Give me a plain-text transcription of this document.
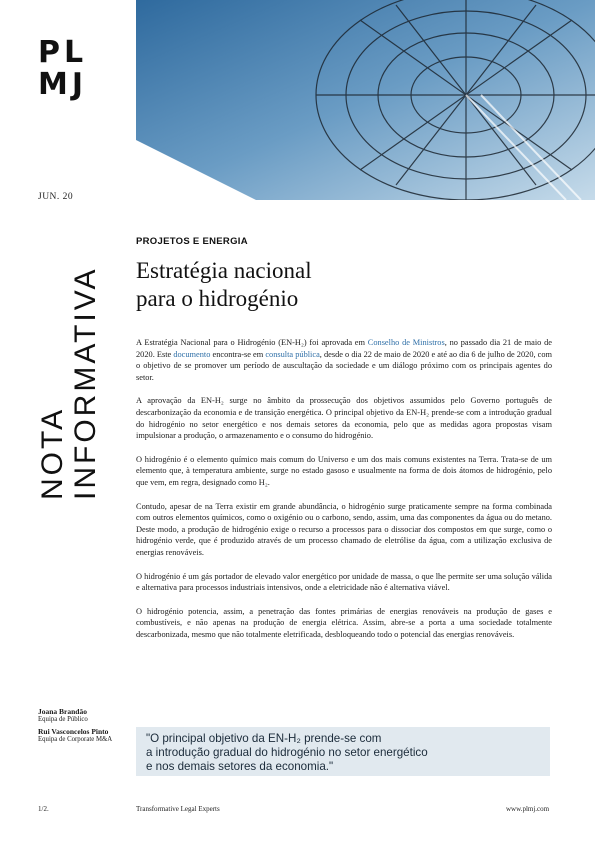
PL
MJ
JUN. 20
NOTA INFORMATIVA
PROJETOS E ENERGIA
Estratégia nacional
para o hidrogénio

A Estratégia Nacional para o Hidrogénio (EN-H₂) foi aprovada em Conselho de Ministros, no passado dia 21 de maio de 2020. Este documento encontra-se em consulta pública, desde o dia 22 de maio de 2020 e até ao dia 6 de julho de 2020, com o objetivo de se promover um período de auscultação da sociedade e um diálogo próximo com os principais agentes do setor.

A aprovação da EN-H₂ surge no âmbito da prossecução dos objetivos assumidos pelo Governo português de descarbonização da economia e de transição energética. O principal objetivo da EN-H₂ prende-se com a introdução gradual do hidrogénio no setor energético e nos demais setores da economia, pelo que as medidas agora propostas visam impulsionar a produção, o armazenamento e o consumo do hidrogénio.

O hidrogénio é o elemento químico mais comum do Universo e um dos mais comuns existentes na Terra. Trata-se de um elemento que, à temperatura ambiente, surge no estado gasoso e usualmente na forma de dois átomos de hidrogénio, pelo que vem, em regra, designado como H₂.

Contudo, apesar de na Terra existir em grande abundância, o hidrogénio surge praticamente sempre na forma combinada com outros elementos químicos, como o oxigénio ou o carbono, sendo, assim, uma das componentes da água ou do metano. Deste modo, a produção de hidrogénio exige o recurso a processos para o dissociar dos compostos em que surge, como o hidrogénio verde, que é produzido através de um processo chamado de eletrólise da água, com a utilização exclusiva de energias renováveis.

O hidrogénio é um gás portador de elevado valor energético por unidade de massa, o que lhe permite ser uma solução válida e alternativa para processos industriais intensivos, onde a eletricidade não é alternativa viável.

O hidrogénio potencia, assim, a penetração das fontes primárias de energias renováveis na produção de gases e combustíveis, e não apenas na produção de energia elétrica. Assim, abre-se a porta a uma sociedade totalmente descarbonizada, mesmo que não totalmente eletrificada, desbloqueando todo o potencial das energias renováveis.

Joana Brandão
Equipa de Público
Rui Vasconcelos Pinto
Equipa de Corporate M&A	"O principal objetivo da EN-H₂ prende-se com
a introdução gradual do hidrogénio no setor energético
e nos demais setores da economia."
1/2.	Transformative Legal Experts	www.plmj.com
